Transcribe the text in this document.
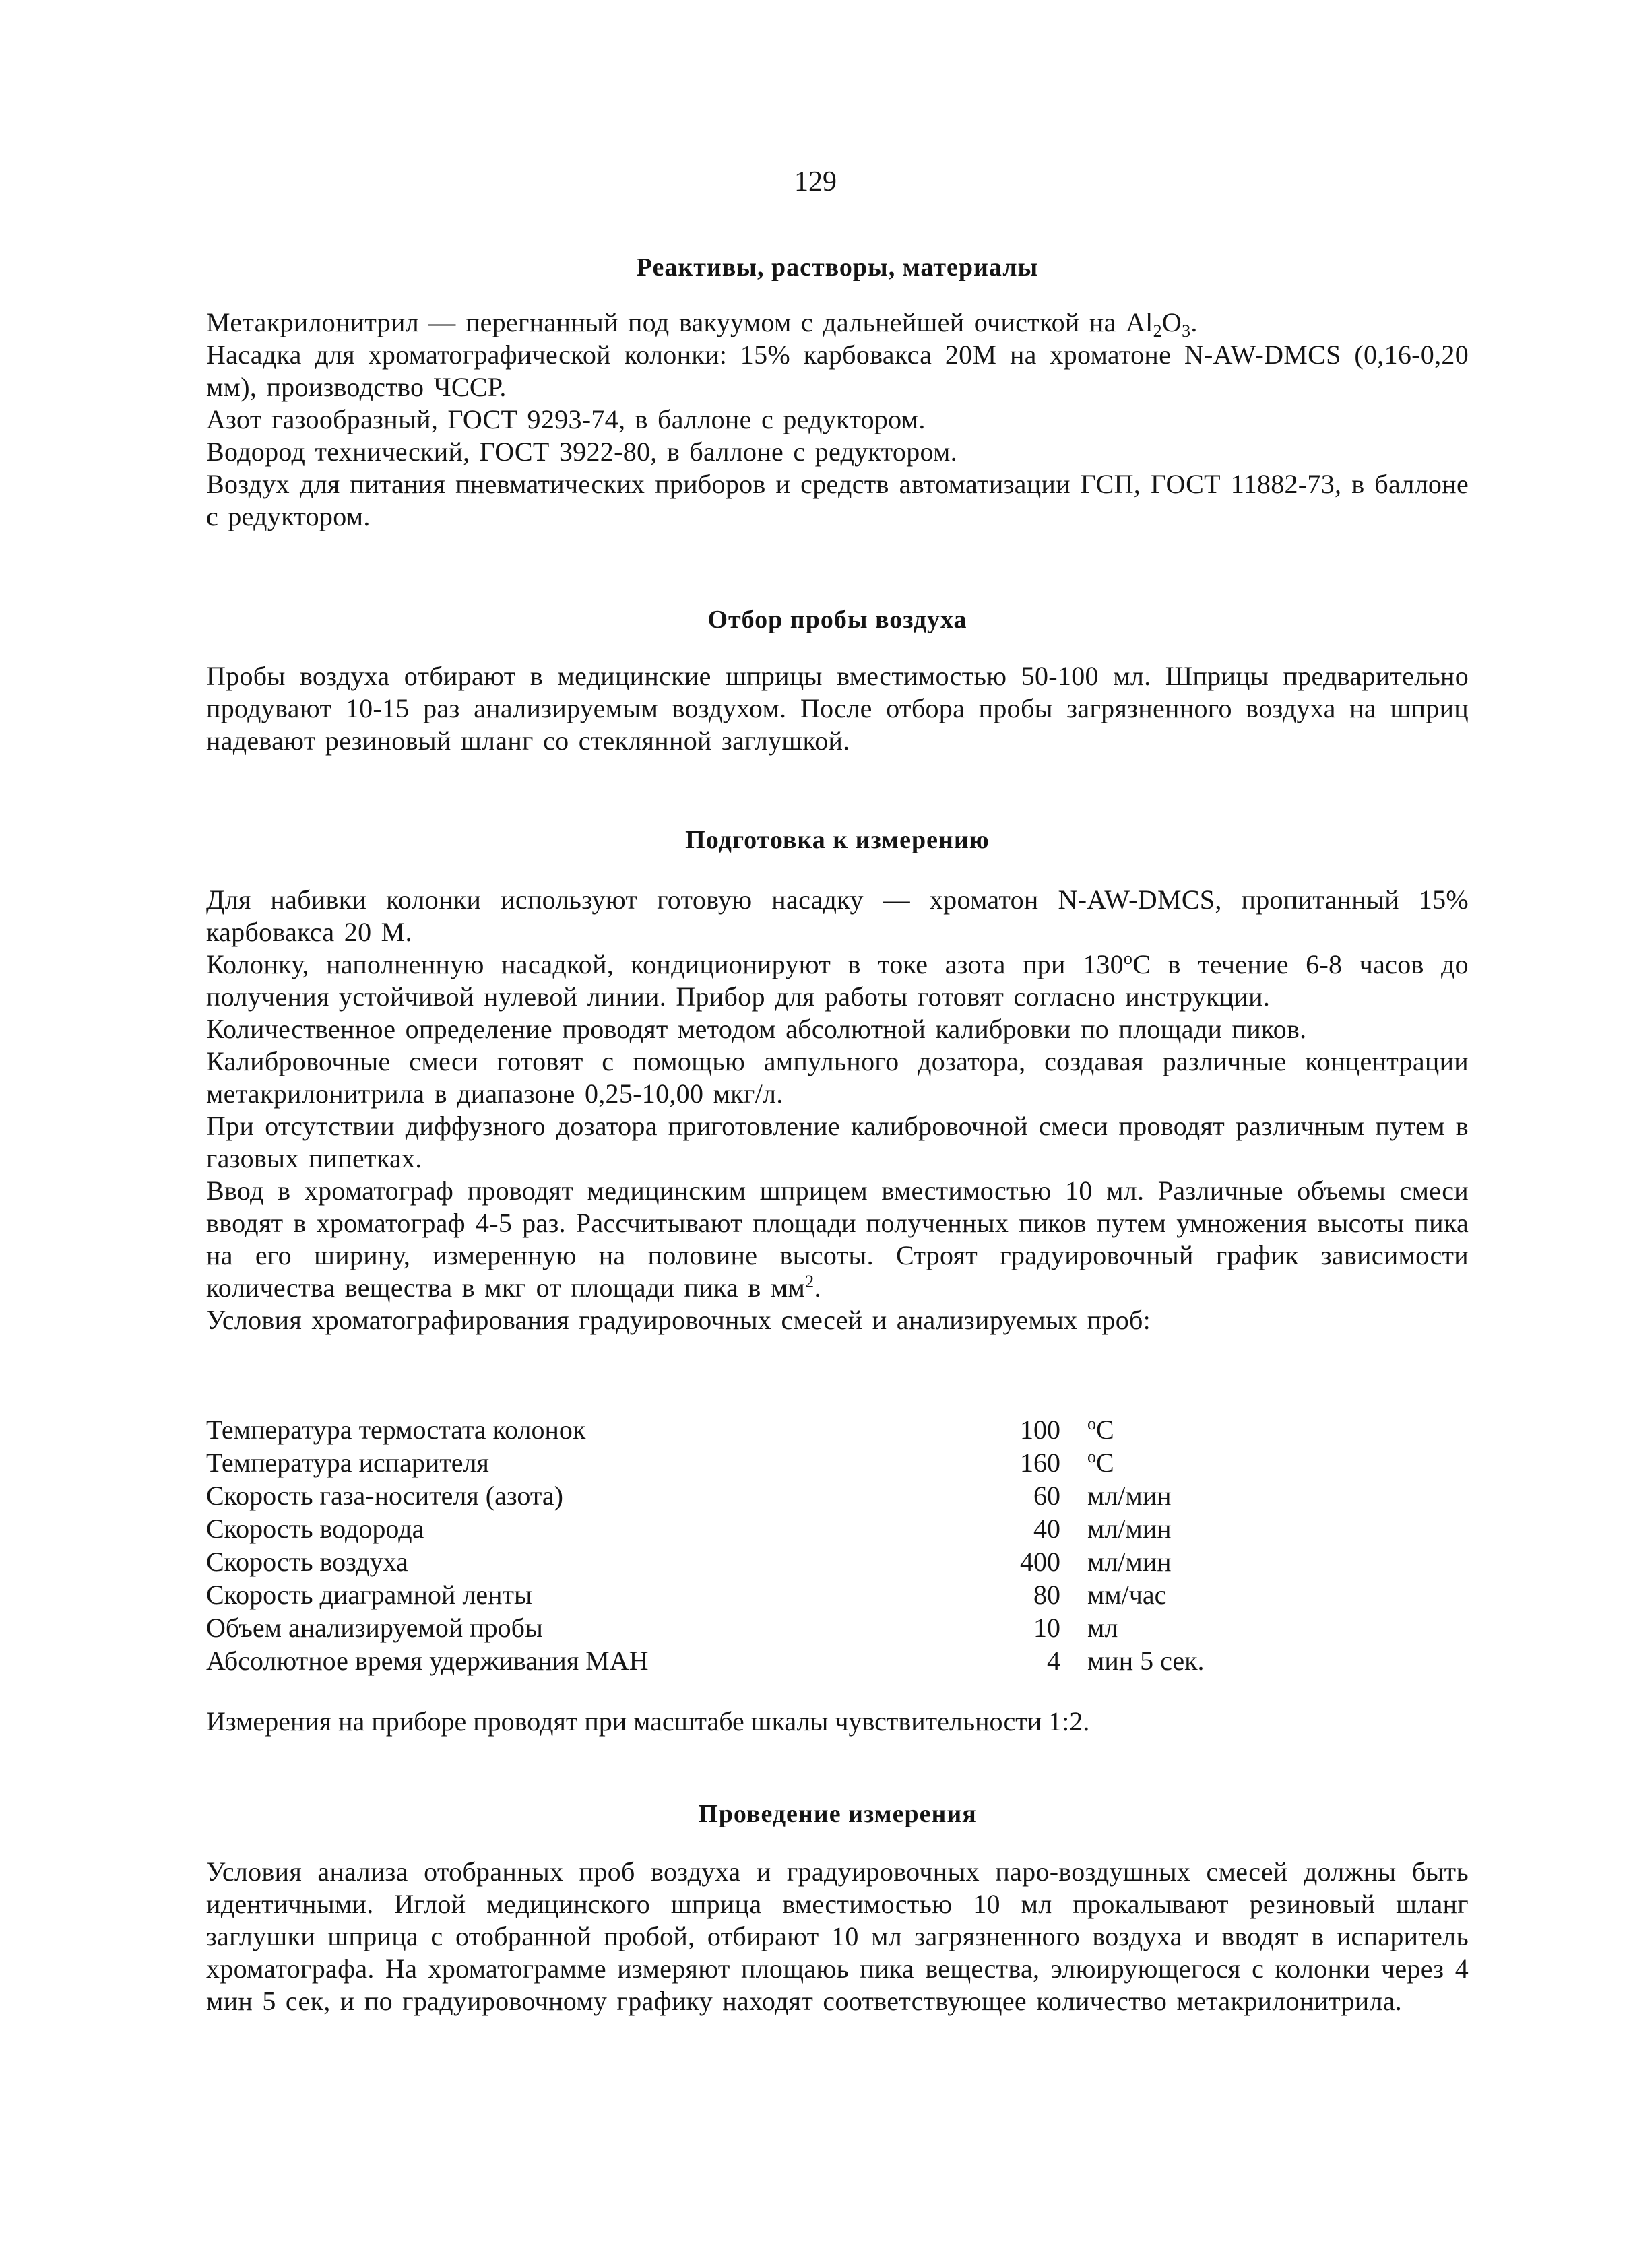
129
Реактивы, растворы, материалы

Метакрилонитрил — перегнанный под вакуумом с дальнейшей очисткой на $Al_2O_3$.

Насадка для хроматографической колонки: 15% карбовакса 20М на хроматоне N-AW-DMCS (0,16-0,20 мм), производство ЧССР.

Азот газообразный, ГОСТ 9293-74, в баллоне с редуктором.

Водород технический, ГОСТ 3922-80, в баллоне с редуктором.

Воздух для питания пневматических приборов и средств автоматизации ГСП, ГОСТ 11882-73, в баллоне с редуктором.

Отбор пробы воздуха

Пробы воздуха отбирают в медицинские шприцы вместимостью 50-100 мл. Шприцы предварительно продувают 10-15 раз анализируемым воздухом. После отбора пробы загрязненного воздуха на шприц надевают резиновый шланг со стеклянной заглушкой.

Подготовка к измерению

Для набивки колонки используют готовую насадку — хроматон N-AW-DMCS, пропитанный 15% карбовакса 20 М.

Колонку, наполненную насадкой, кондиционируют в токе азота при $130^оС$ в течение 6-8 часов до получения устойчивой нулевой линии. Прибор для работы готовят согласно инструкции.

Количественное определение проводят методом абсолютной калибровки по площади пиков.

Калибровочные смеси готовят с помощью ампульного дозатора, создавая различные концентрации метакрилонитрила в диапазоне 0,25-10,00 мкг/л.

При отсутствии диффузного дозатора приготовление калибровочной смеси проводят различным путем в газовых пипетках.

Ввод в хроматограф проводят медицинским шприцем вместимостью 10 мл. Различные объемы смеси вводят в хроматограф 4-5 раз. Рассчитывают площади полученных пиков путем умножения высоты пика на его ширину, измеренную на половине высоты. Строят градуировочный график зависимости количества вещества в мкг от площади пика в $мм^2$.

Условия хроматографирования градуировочных смесей и анализируемых проб:

Температура термостата колонок	100	$^о$С
Температура испарителя	160	$^о$С
Скорость газа-носителя (азота)	60	мл/мин
Скорость водорода	40	мл/мин
Скорость воздуха	400	мл/мин
Скорость диаграмной ленты	80	мм/час
Объем анализируемой пробы	10	мл
Абсолютное время удерживания МАН	4	мин 5 сек.
Измерения на приборе проводят при масштабе шкалы чувствительности 1:2.
Проведение измерения

Условия анализа отобранных проб воздуха и градуировочных паро-воздушных смесей должны быть идентичными. Иглой медицинского шприца вместимостью 10 мл прокалывают резиновый шланг заглушки шприца с отобранной пробой, отбирают 10 мл загрязненного воздуха и вводят в испаритель хроматографа. На хроматограмме измеряют площаюь пика вещества, элюирующегося с колонки через 4 мин 5 сек, и по градуировочному графику находят соответствующее количество метакрилонитрила.
